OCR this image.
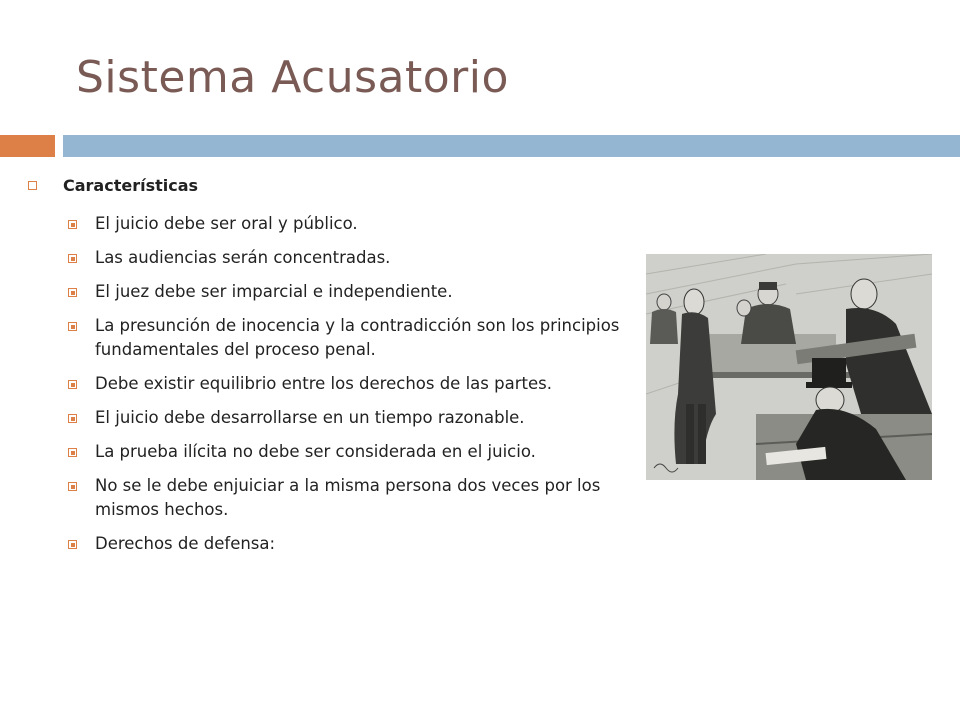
Sistema Acusatorio
Características
El juicio debe ser oral y público.
Las audiencias serán concentradas.
El juez debe ser imparcial e independiente.
La presunción de inocencia y la contradicción son los principios fundamentales del proceso penal.
Debe existir equilibrio entre los derechos de las partes.
El juicio debe desarrollarse en un tiempo razonable.
La prueba ilícita no debe ser considerada en el juicio.
No se le debe enjuiciar a la misma persona dos veces por los mismos hechos.
Derechos de defensa:
